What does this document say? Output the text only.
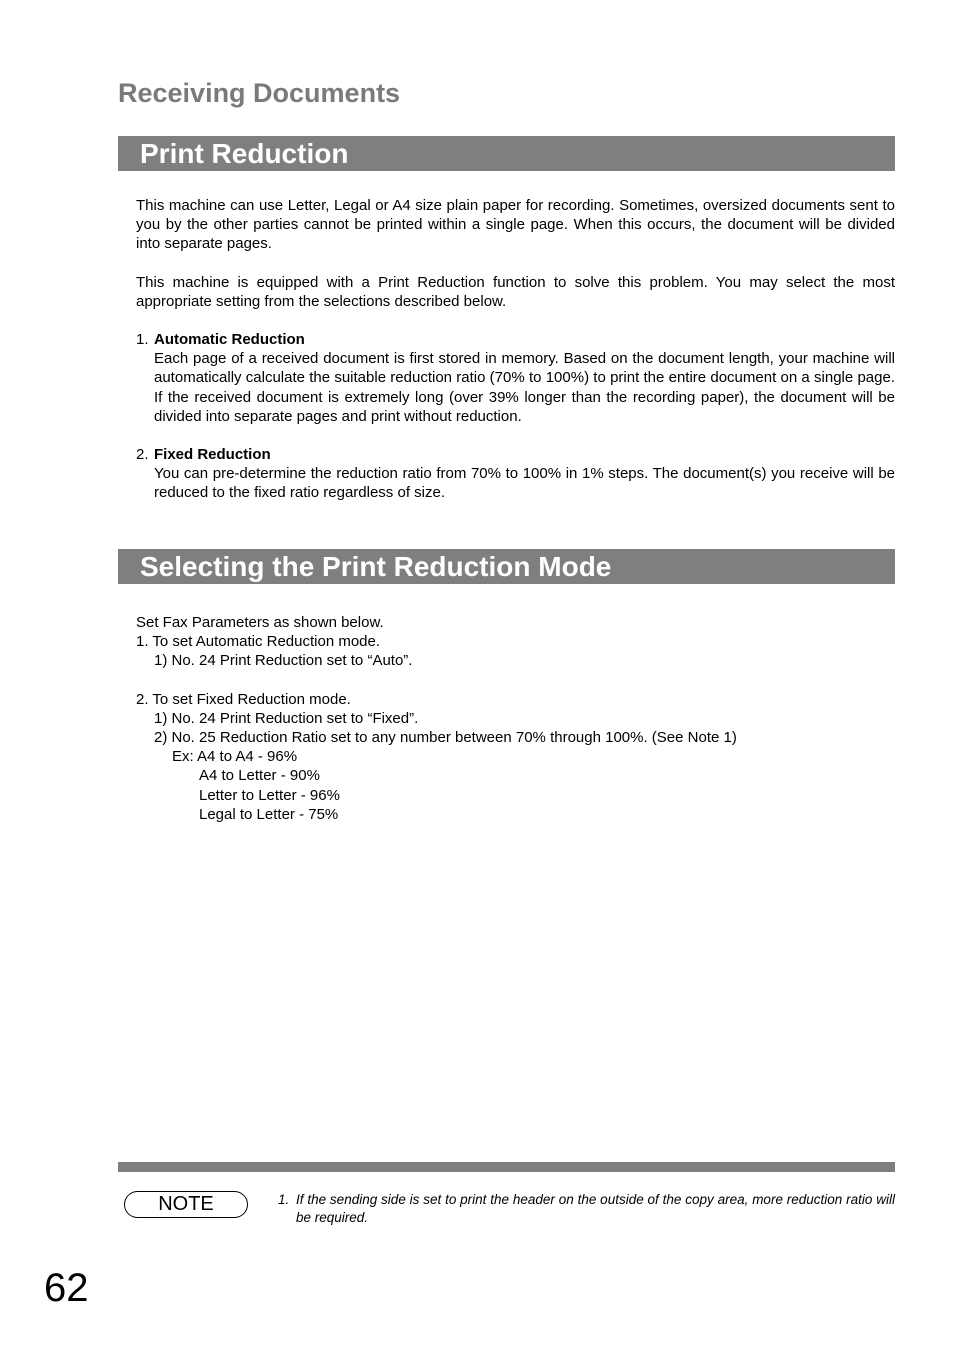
Receiving Documents
Print Reduction

This machine can use Letter, Legal or A4 size plain paper for recording. Sometimes, oversized documents sent to you by the other parties cannot be printed within a single page. When this occurs, the document will be divided into separate pages.

This machine is equipped with a Print Reduction function to solve this problem. You may select the most appropriate setting from the selections described below.

1. Automatic Reduction
Each page of a received document is first stored in memory. Based on the document length, your machine will automatically calculate the suitable reduction ratio (70% to 100%) to print the entire document on a single page. If the received document is extremely long (over 39% longer than the recording paper), the document will be divided into separate pages and print without reduction.
2. Fixed Reduction
You can pre-determine the reduction ratio from 70% to 100% in 1% steps. The document(s) you receive will be reduced to the fixed ratio regardless of size.
Selecting the Print Reduction Mode
Set Fax Parameters as shown below.
1. To set Automatic Reduction mode.
1) No. 24 Print Reduction set to “Auto”.
2. To set Fixed Reduction mode.
1) No. 24 Print Reduction set to “Fixed”.
2) No. 25 Reduction Ratio set to any number between 70% through 100%. (See Note 1)
Ex: A4 to A4 - 96%
A4 to Letter - 90%
Letter to Letter - 96%
Legal to Letter - 75%
NOTE	1. If the sending side is set to print the header on the outside of the copy area, more reduction ratio will be required.
62
